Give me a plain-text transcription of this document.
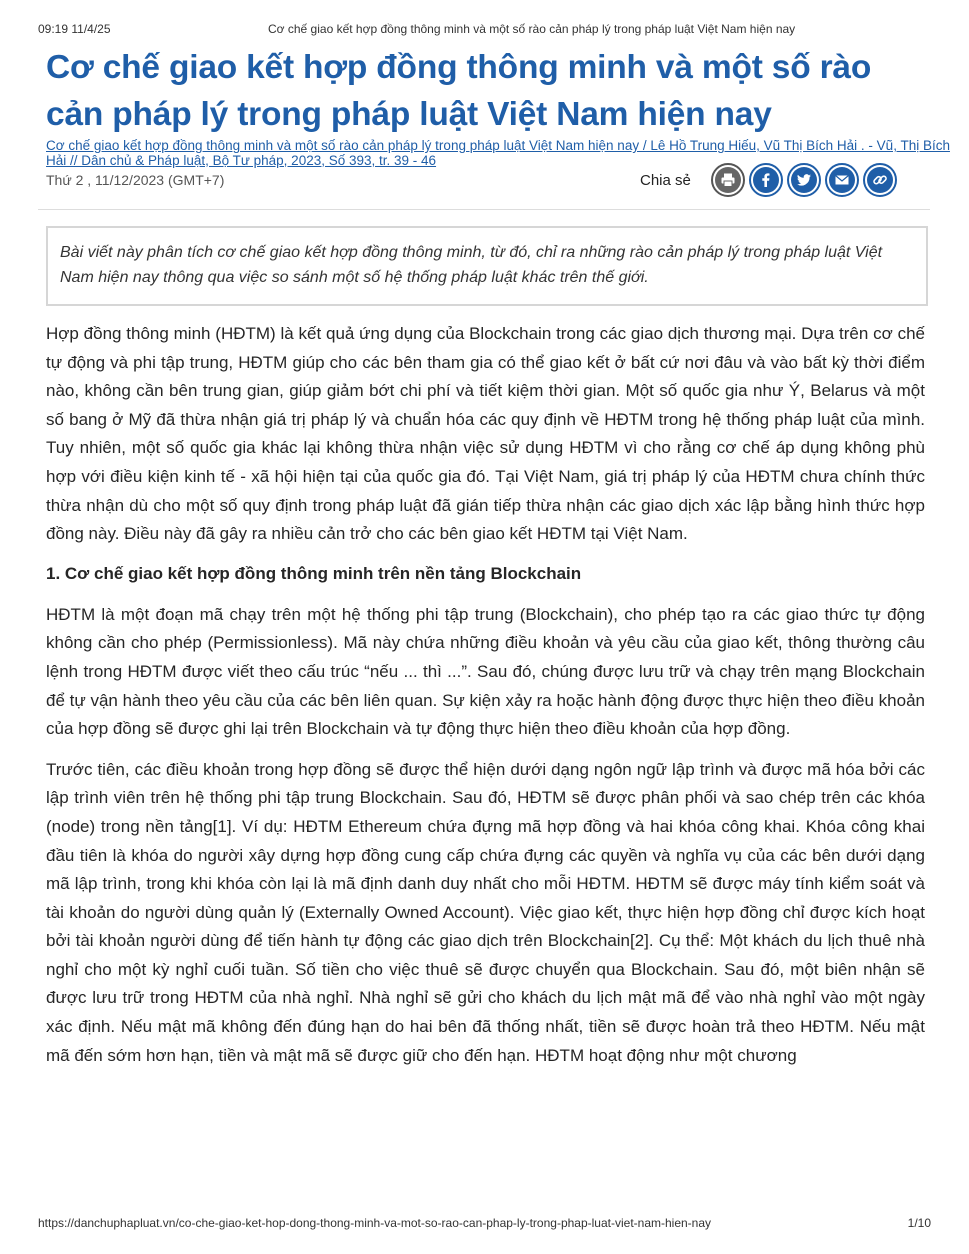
09:19 11/4/25	Cơ chế giao kết hợp đồng thông minh và một số rào cản pháp lý trong pháp luật Việt Nam hiện nay
Cơ chế giao kết hợp đồng thông minh và một số rào cản pháp lý trong pháp luật Việt Nam hiện nay
Cơ chế giao kết hợp đồng thông minh và một số rào cản pháp lý trong pháp luật Việt Nam hiện nay / Lê Hồ Trung Hiếu, Vũ Thị Bích Hải . - Vũ, Thị Bích Hải // Dân chủ & Pháp luật, Bộ Tư pháp, 2023, Số 393, tr. 39 - 46
Thứ 2 , 11/12/2023 (GMT+7)	Chia sẻ
Bài viết này phân tích cơ chế giao kết hợp đồng thông minh, từ đó, chỉ ra những rào cản pháp lý trong pháp luật Việt Nam hiện nay thông qua việc so sánh một số hệ thống pháp luật khác trên thế giới.

Hợp đồng thông minh (HĐTM) là kết quả ứng dụng của Blockchain trong các giao dịch thương mại. Dựa trên cơ chế tự động và phi tập trung, HĐTM giúp cho các bên tham gia có thể giao kết ở bất cứ nơi đâu và vào bất kỳ thời điểm nào, không cần bên trung gian, giúp giảm bớt chi phí và tiết kiệm thời gian. Một số quốc gia như Ý, Belarus và một số bang ở Mỹ đã thừa nhận giá trị pháp lý và chuẩn hóa các quy định về HĐTM trong hệ thống pháp luật của mình. Tuy nhiên, một số quốc gia khác lại không thừa nhận việc sử dụng HĐTM vì cho rằng cơ chế áp dụng không phù hợp với điều kiện kinh tế - xã hội hiện tại của quốc gia đó. Tại Việt Nam, giá trị pháp lý của HĐTM chưa chính thức thừa nhận dù cho một số quy định trong pháp luật đã gián tiếp thừa nhận các giao dịch xác lập bằng hình thức hợp đồng này. Điều này đã gây ra nhiều cản trở cho các bên giao kết HĐTM tại Việt Nam.

1. Cơ chế giao kết hợp đồng thông minh trên nền tảng Blockchain

HĐTM là một đoạn mã chạy trên một hệ thống phi tập trung (Blockchain), cho phép tạo ra các giao thức tự động không cần cho phép (Permissionless). Mã này chứa những điều khoản và yêu cầu của giao kết, thông thường câu lệnh trong HĐTM được viết theo cấu trúc “nếu ... thì ...”. Sau đó, chúng được lưu trữ và chạy trên mạng Blockchain để tự vận hành theo yêu cầu của các bên liên quan. Sự kiện xảy ra hoặc hành động được thực hiện theo điều khoản của hợp đồng sẽ được ghi lại trên Blockchain và tự động thực hiện theo điều khoản của hợp đồng.

Trước tiên, các điều khoản trong hợp đồng sẽ được thể hiện dưới dạng ngôn ngữ lập trình và được mã hóa bởi các lập trình viên trên hệ thống phi tập trung Blockchain. Sau đó, HĐTM sẽ được phân phối và sao chép trên các khóa (node) trong nền tảng[1]. Ví dụ: HĐTM Ethereum chứa đựng mã hợp đồng và hai khóa công khai. Khóa công khai đầu tiên là khóa do người xây dựng hợp đồng cung cấp chứa đựng các quyền và nghĩa vụ của các bên dưới dạng mã lập trình, trong khi khóa còn lại là mã định danh duy nhất cho mỗi HĐTM. HĐTM sẽ được máy tính kiểm soát và tài khoản do người dùng quản lý (Externally Owned Account). Việc giao kết, thực hiện hợp đồng chỉ được kích hoạt bởi tài khoản người dùng để tiến hành tự động các giao dịch trên Blockchain[2]. Cụ thể: Một khách du lịch thuê nhà nghỉ cho một kỳ nghỉ cuối tuần. Số tiền cho việc thuê sẽ được chuyển qua Blockchain. Sau đó, một biên nhận sẽ được lưu trữ trong HĐTM của nhà nghỉ. Nhà nghỉ sẽ gửi cho khách du lịch mật mã để vào nhà nghỉ vào một ngày xác định. Nếu mật mã không đến đúng hạn do hai bên đã thống nhất, tiền sẽ được hoàn trả theo HĐTM. Nếu mật mã đến sớm hơn hạn, tiền và mật mã sẽ được giữ cho đến hạn. HĐTM hoạt động như một chương

https://danchuphapluat.vn/co-che-giao-ket-hop-dong-thong-minh-va-mot-so-rao-can-phap-ly-trong-phap-luat-viet-nam-hien-nay	1/10
